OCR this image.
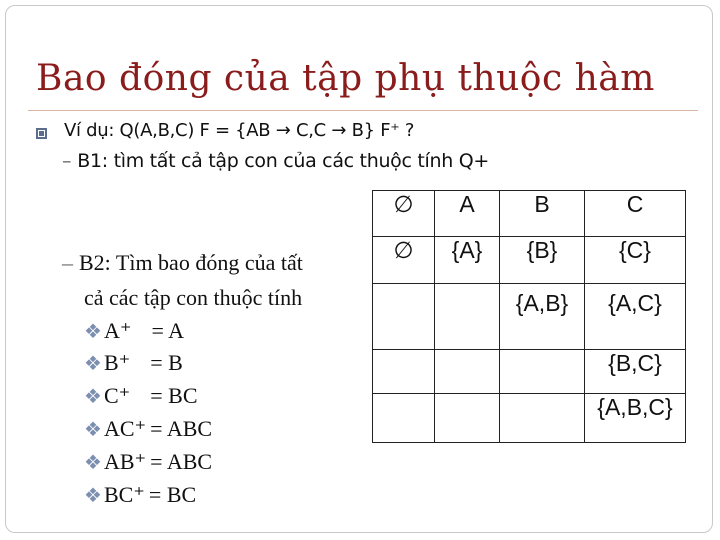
Bao đóng của tập phụ thuộc hàm
Ví dụ: Q(A,B,C) F = {AB → C,C → B} F⁺ ?
– B1: tìm tất cả tập con của các thuộc tính Q+
– B2: Tìm bao đóng của tất
cả các tập con thuộc tính
❖A⁺ = A
❖B⁺ = B
❖C⁺ = BC
❖AC⁺ = ABC
❖AB⁺ = ABC
❖BC⁺ = BC
∅	A	B	C
∅	{A}	{B}	{C}

		{A,B}	{A,C}

			{B,C}
			{A,B,C}
